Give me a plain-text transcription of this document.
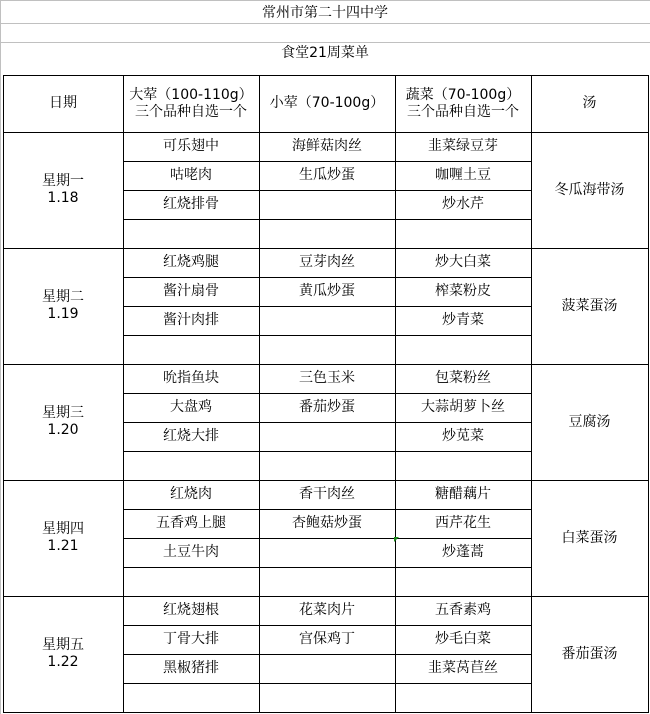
常州市第二十四中学
食堂21周菜单
日期
大荤（100-110g）
三个品种自选一个
小荤（70-100g）
蔬菜（70-100g）
三个品种自选一个
汤
星期一
1.18
可乐翅中
咕咾肉
红烧排骨
海鲜菇肉丝
生瓜炒蛋
韭菜绿豆芽
咖喱土豆
炒水芹
冬瓜海带汤
星期二
1.19
红烧鸡腿
酱汁扇骨
酱汁肉排
豆芽肉丝
黄瓜炒蛋
炒大白菜
榨菜粉皮
炒青菜
菠菜蛋汤
星期三
1.20
吮指鱼块
大盘鸡
红烧大排
三色玉米
番茄炒蛋
包菜粉丝
大蒜胡萝卜丝
炒苋菜
豆腐汤
星期四
1.21
红烧肉
五香鸡上腿
土豆牛肉
香干肉丝
杏鲍菇炒蛋
糖醋藕片
西芹花生
炒蓬蒿
白菜蛋汤
星期五
1.22
红烧翅根
丁骨大排
黑椒猪排
花菜肉片
宫保鸡丁
五香素鸡
炒毛白菜
韭菜莴苣丝
番茄蛋汤
